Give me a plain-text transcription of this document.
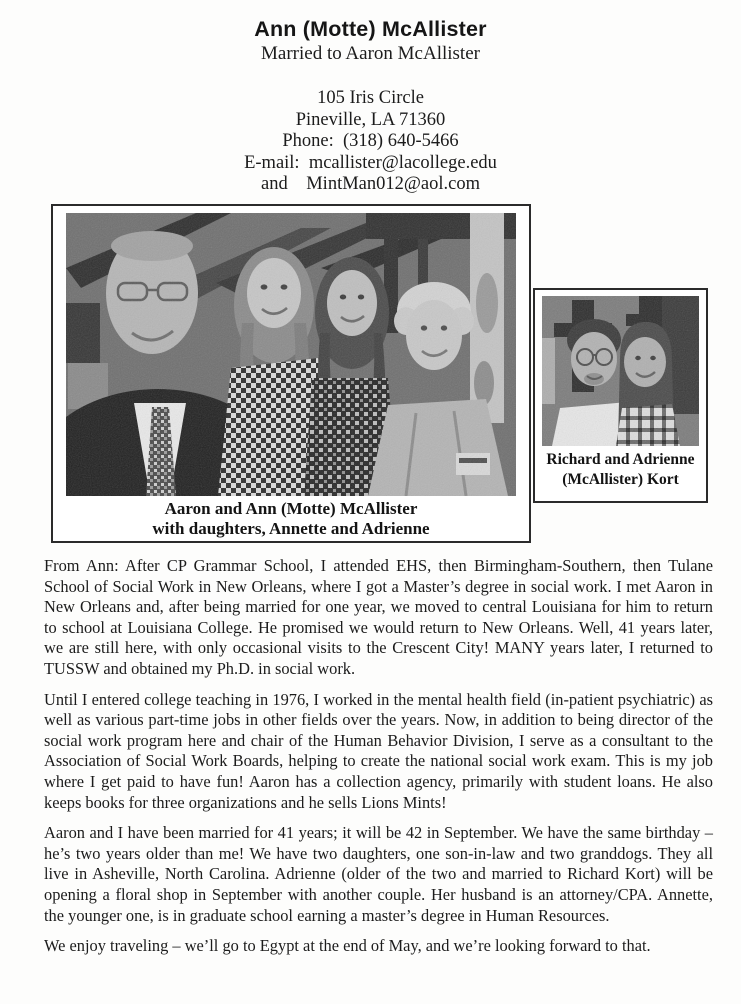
Ann (Motte) McAllister
Married to Aaron McAllister
105 Iris Circle
Pineville, LA 71360
Phone:  (318) 640-5466
E-mail:  mcallister@lacollege.edu
and    MintMan012@aol.com
Aaron and Ann (Motte) McAllister
with daughters, Annette and Adrienne
Richard and Adrienne
(McAllister) Kort

From Ann: After CP Grammar School, I attended EHS, then Birmingham-Southern, then Tulane School of Social Work in New Orleans, where I got a Master’s degree in social work. I met Aaron in New Orleans and, after being married for one year, we moved to central Louisiana for him to return to school at Louisiana College. He promised we would return to New Orleans. Well, 41 years later, we are still here, with only occasional visits to the Crescent City! MANY years later, I returned to TUSSW and obtained my Ph.D. in social work.

Until I entered college teaching in 1976, I worked in the mental health field (in-patient psychiatric) as well as various part-time jobs in other fields over the years. Now, in addition to being director of the social work program here and chair of the Human Behavior Division, I serve as a consultant to the Association of Social Work Boards, helping to create the national social work exam. This is my job where I get paid to have fun! Aaron has a collection agency, primarily with student loans. He also keeps books for three organizations and he sells Lions Mints!

Aaron and I have been married for 41 years; it will be 42 in September. We have the same birthday – he’s two years older than me! We have two daughters, one son-in-law and two granddogs. They all live in Asheville, North Carolina. Adrienne (older of the two and married to Richard Kort) will be opening a floral shop in September with another couple. Her husband is an attorney/CPA. Annette, the younger one, is in graduate school earning a master’s degree in Human Resources.

We enjoy traveling – we’ll go to Egypt at the end of May, and we’re looking forward to that.
